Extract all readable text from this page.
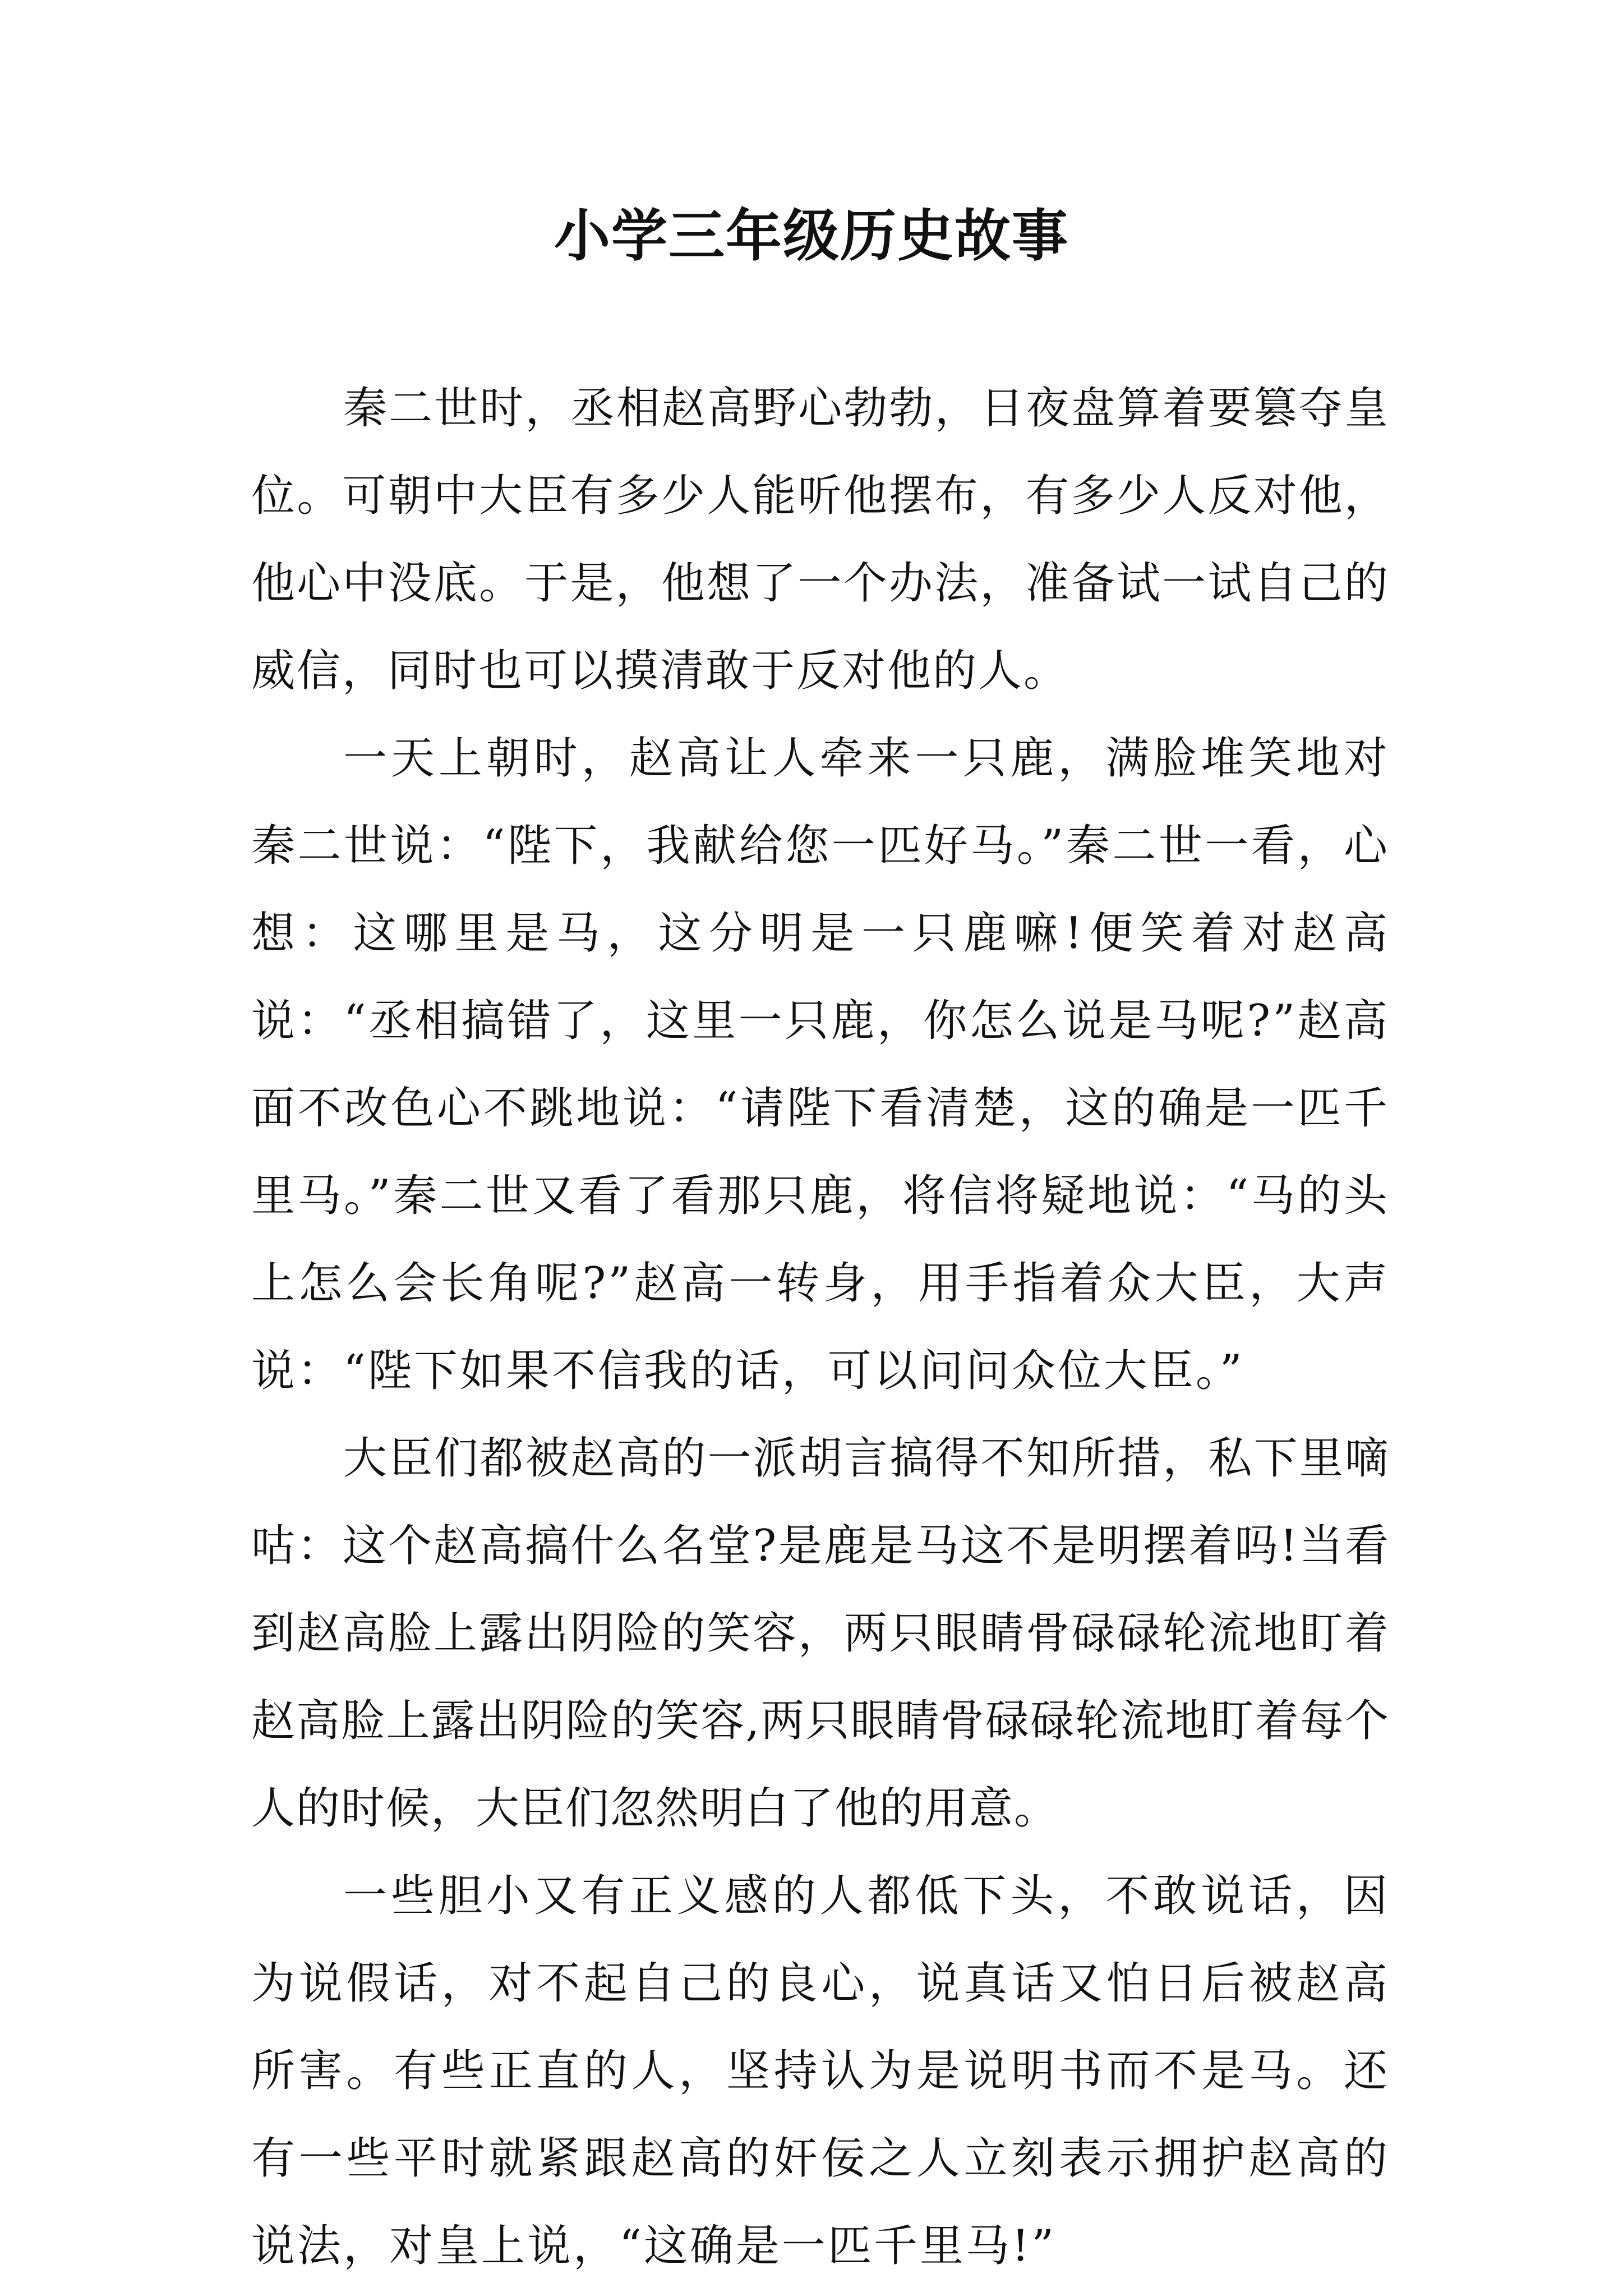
小学三年级历史故事

秦二世时，丞相赵高野心勃勃，日夜盘算着要篡夺皇位。可朝中大臣有多少人能听他摆布，有多少人反对他，他心中没底。于是，他想了一个办法，准备试一试自己的威信，同时也可以摸清敢于反对他的人。

一天上朝时，赵高让人牵来一只鹿，满脸堆笑地对秦二世说：“陛下，我献给您一匹好马。”秦二世一看，心想：这哪里是马，这分明是一只鹿嘛!便笑着对赵高说：“丞相搞错了，这里一只鹿，你怎么说是马呢?”赵高面不改色心不跳地说：“请陛下看清楚，这的确是一匹千里马。”秦二世又看了看那只鹿，将信将疑地说：“马的头上怎么会长角呢?”赵高一转身，用手指着众大臣，大声说：“陛下如果不信我的话，可以问问众位大臣。”

大臣们都被赵高的一派胡言搞得不知所措，私下里嘀咕：这个赵高搞什么名堂?是鹿是马这不是明摆着吗!当看到赵高脸上露出阴险的笑容，两只眼睛骨碌碌轮流地盯着赵高脸上露出阴险的笑容,两只眼睛骨碌碌轮流地盯着每个人的时候，大臣们忽然明白了他的用意。

一些胆小又有正义感的人都低下头，不敢说话，因为说假话，对不起自己的良心，说真话又怕日后被赵高所害。有些正直的人，坚持认为是说明书而不是马。还有一些平时就紧跟赵高的奸佞之人立刻表示拥护赵高的说法，对皇上说，“这确是一匹千里马!”
